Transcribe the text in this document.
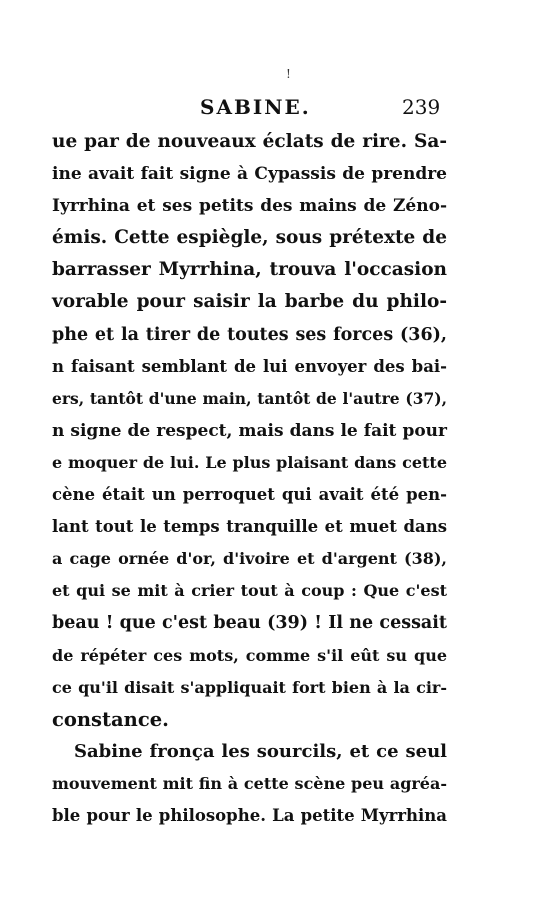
!
SABINE.	239
ue par de nouveaux éclats de rire. Sa-
ine avait fait signe à Cypassis de prendre
Iyrrhina et ses petits des mains de Zéno-
émis. Cette espiègle, sous prétexte de
barrasser Myrrhina, trouva l'occasion
vorable pour saisir la barbe du philo-
phe et la tirer de toutes ses forces (36),
n faisant semblant de lui envoyer des bai-
ers, tantôt d'une main, tantôt de l'autre (37),
n signe de respect, mais dans le fait pour
e moquer de lui. Le plus plaisant dans cette
cène était un perroquet qui avait été pen-
lant tout le temps tranquille et muet dans
a cage ornée d'or, d'ivoire et d'argent (38),
et qui se mit à crier tout à coup : Que c'est
beau ! que c'est beau (39) ! Il ne cessait
de répéter ces mots, comme s'il eût su que
ce qu'il disait s'appliquait fort bien à la cir-
constance.
Sabine fronça les sourcils, et ce seul
mouvement mit fin à cette scène peu agréa-
ble pour le philosophe. La petite Myrrhina
